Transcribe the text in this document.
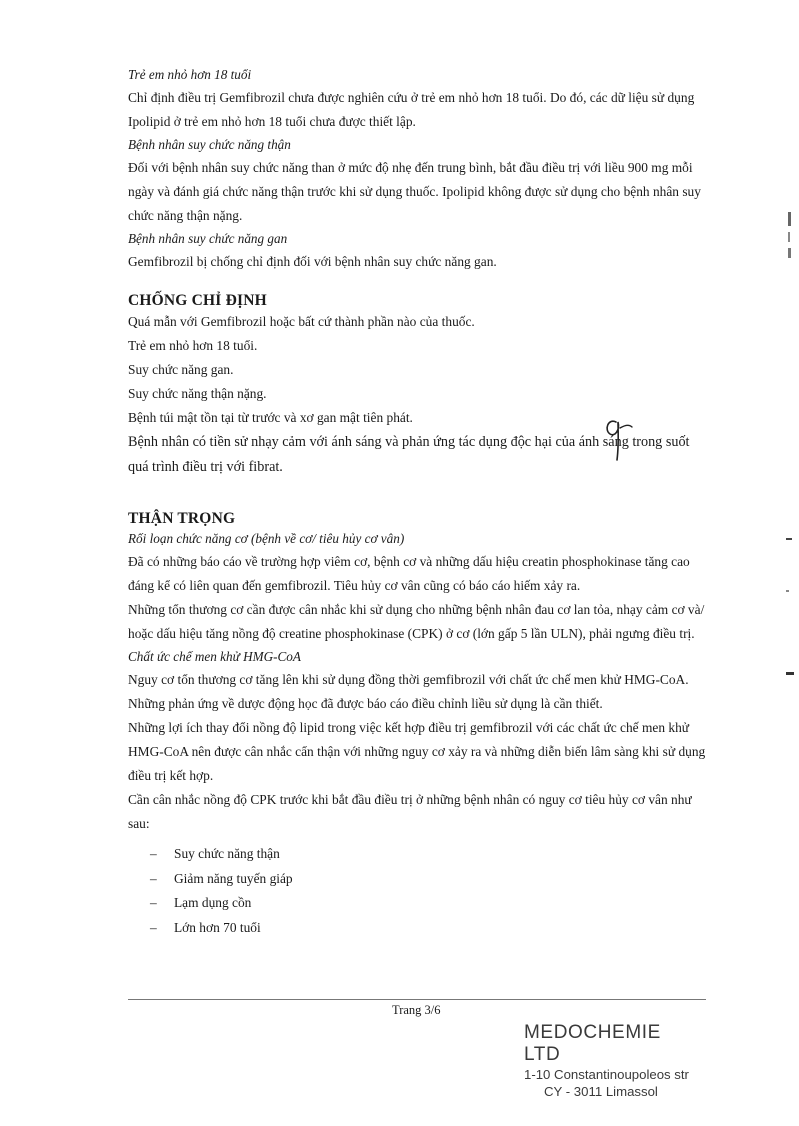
Trẻ em nhỏ hơn 18 tuổi

Chỉ định điều trị Gemfibrozil chưa được nghiên cứu ở trẻ em nhỏ hơn 18 tuổi. Do đó, các dữ liệu sử dụng Ipolipid ở trẻ em nhỏ hơn 18 tuổi chưa được thiết lập.

Bệnh nhân suy chức năng thận

Đối với bệnh nhân suy chức năng than ở mức độ nhẹ đến trung bình, bắt đầu điều trị với liều 900 mg mỗi ngày và đánh giá chức năng thận trước khi sử dụng thuốc. Ipolipid không được sử dụng cho bệnh nhân suy chức năng thận nặng.

Bệnh nhân suy chức năng gan

Gemfibrozil bị chống chỉ định đối với bệnh nhân suy chức năng gan.

CHỐNG CHỈ ĐỊNH

Quá mẫn với Gemfibrozil hoặc bất cứ thành phần nào của thuốc.

Trẻ em nhỏ hơn 18 tuổi.

Suy chức năng gan.

Suy chức năng thận nặng.

Bệnh túi mật tồn tại từ trước và xơ gan mật tiên phát.

Bệnh nhân có tiền sử nhạy cảm với ánh sáng và phản ứng tác dụng độc hại của ánh sáng trong suốt quá trình điều trị với fibrat.

THẬN TRỌNG

Rối loạn chức năng cơ (bệnh về cơ/ tiêu hủy cơ vân)

Đã có những báo cáo về trường hợp viêm cơ, bệnh cơ và những dấu hiệu creatin phosphokinase tăng cao đáng kể có liên quan đến gemfibrozil. Tiêu hủy cơ vân cũng có báo cáo hiếm xảy ra.

Những tổn thương cơ cần được cân nhắc khi sử dụng cho những bệnh nhân đau cơ lan tỏa, nhạy cảm cơ và/ hoặc dấu hiệu tăng nồng độ creatine phosphokinase (CPK) ở cơ (lớn gấp 5 lần ULN), phải ngưng điều trị.

Chất ức chế men khử HMG-CoA

Nguy cơ tổn thương cơ tăng lên khi sử dụng đồng thời gemfibrozil với chất ức chế men khử HMG-CoA. Những phản ứng về dược động học đã được báo cáo điều chỉnh liều sử dụng là cần thiết.

Những lợi ích thay đổi nồng độ lipid trong việc kết hợp điều trị gemfibrozil với các chất ức chế men khử HMG-CoA nên được cân nhắc cẩn thận với những nguy cơ xảy ra và những diễn biến lâm sàng khi sử dụng điều trị kết hợp.

Cần cân nhắc nồng độ CPK trước khi bắt đầu điều trị ở những bệnh nhân có nguy cơ tiêu hủy cơ vân như sau:

– Suy chức năng thận
– Giảm năng tuyến giáp
– Lạm dụng cồn
– Lớn hơn 70 tuổi
Trang 3/6
MEDOCHEMIE LTD
1-10 Constantinoupoleos str
CY - 3011 Limassol
